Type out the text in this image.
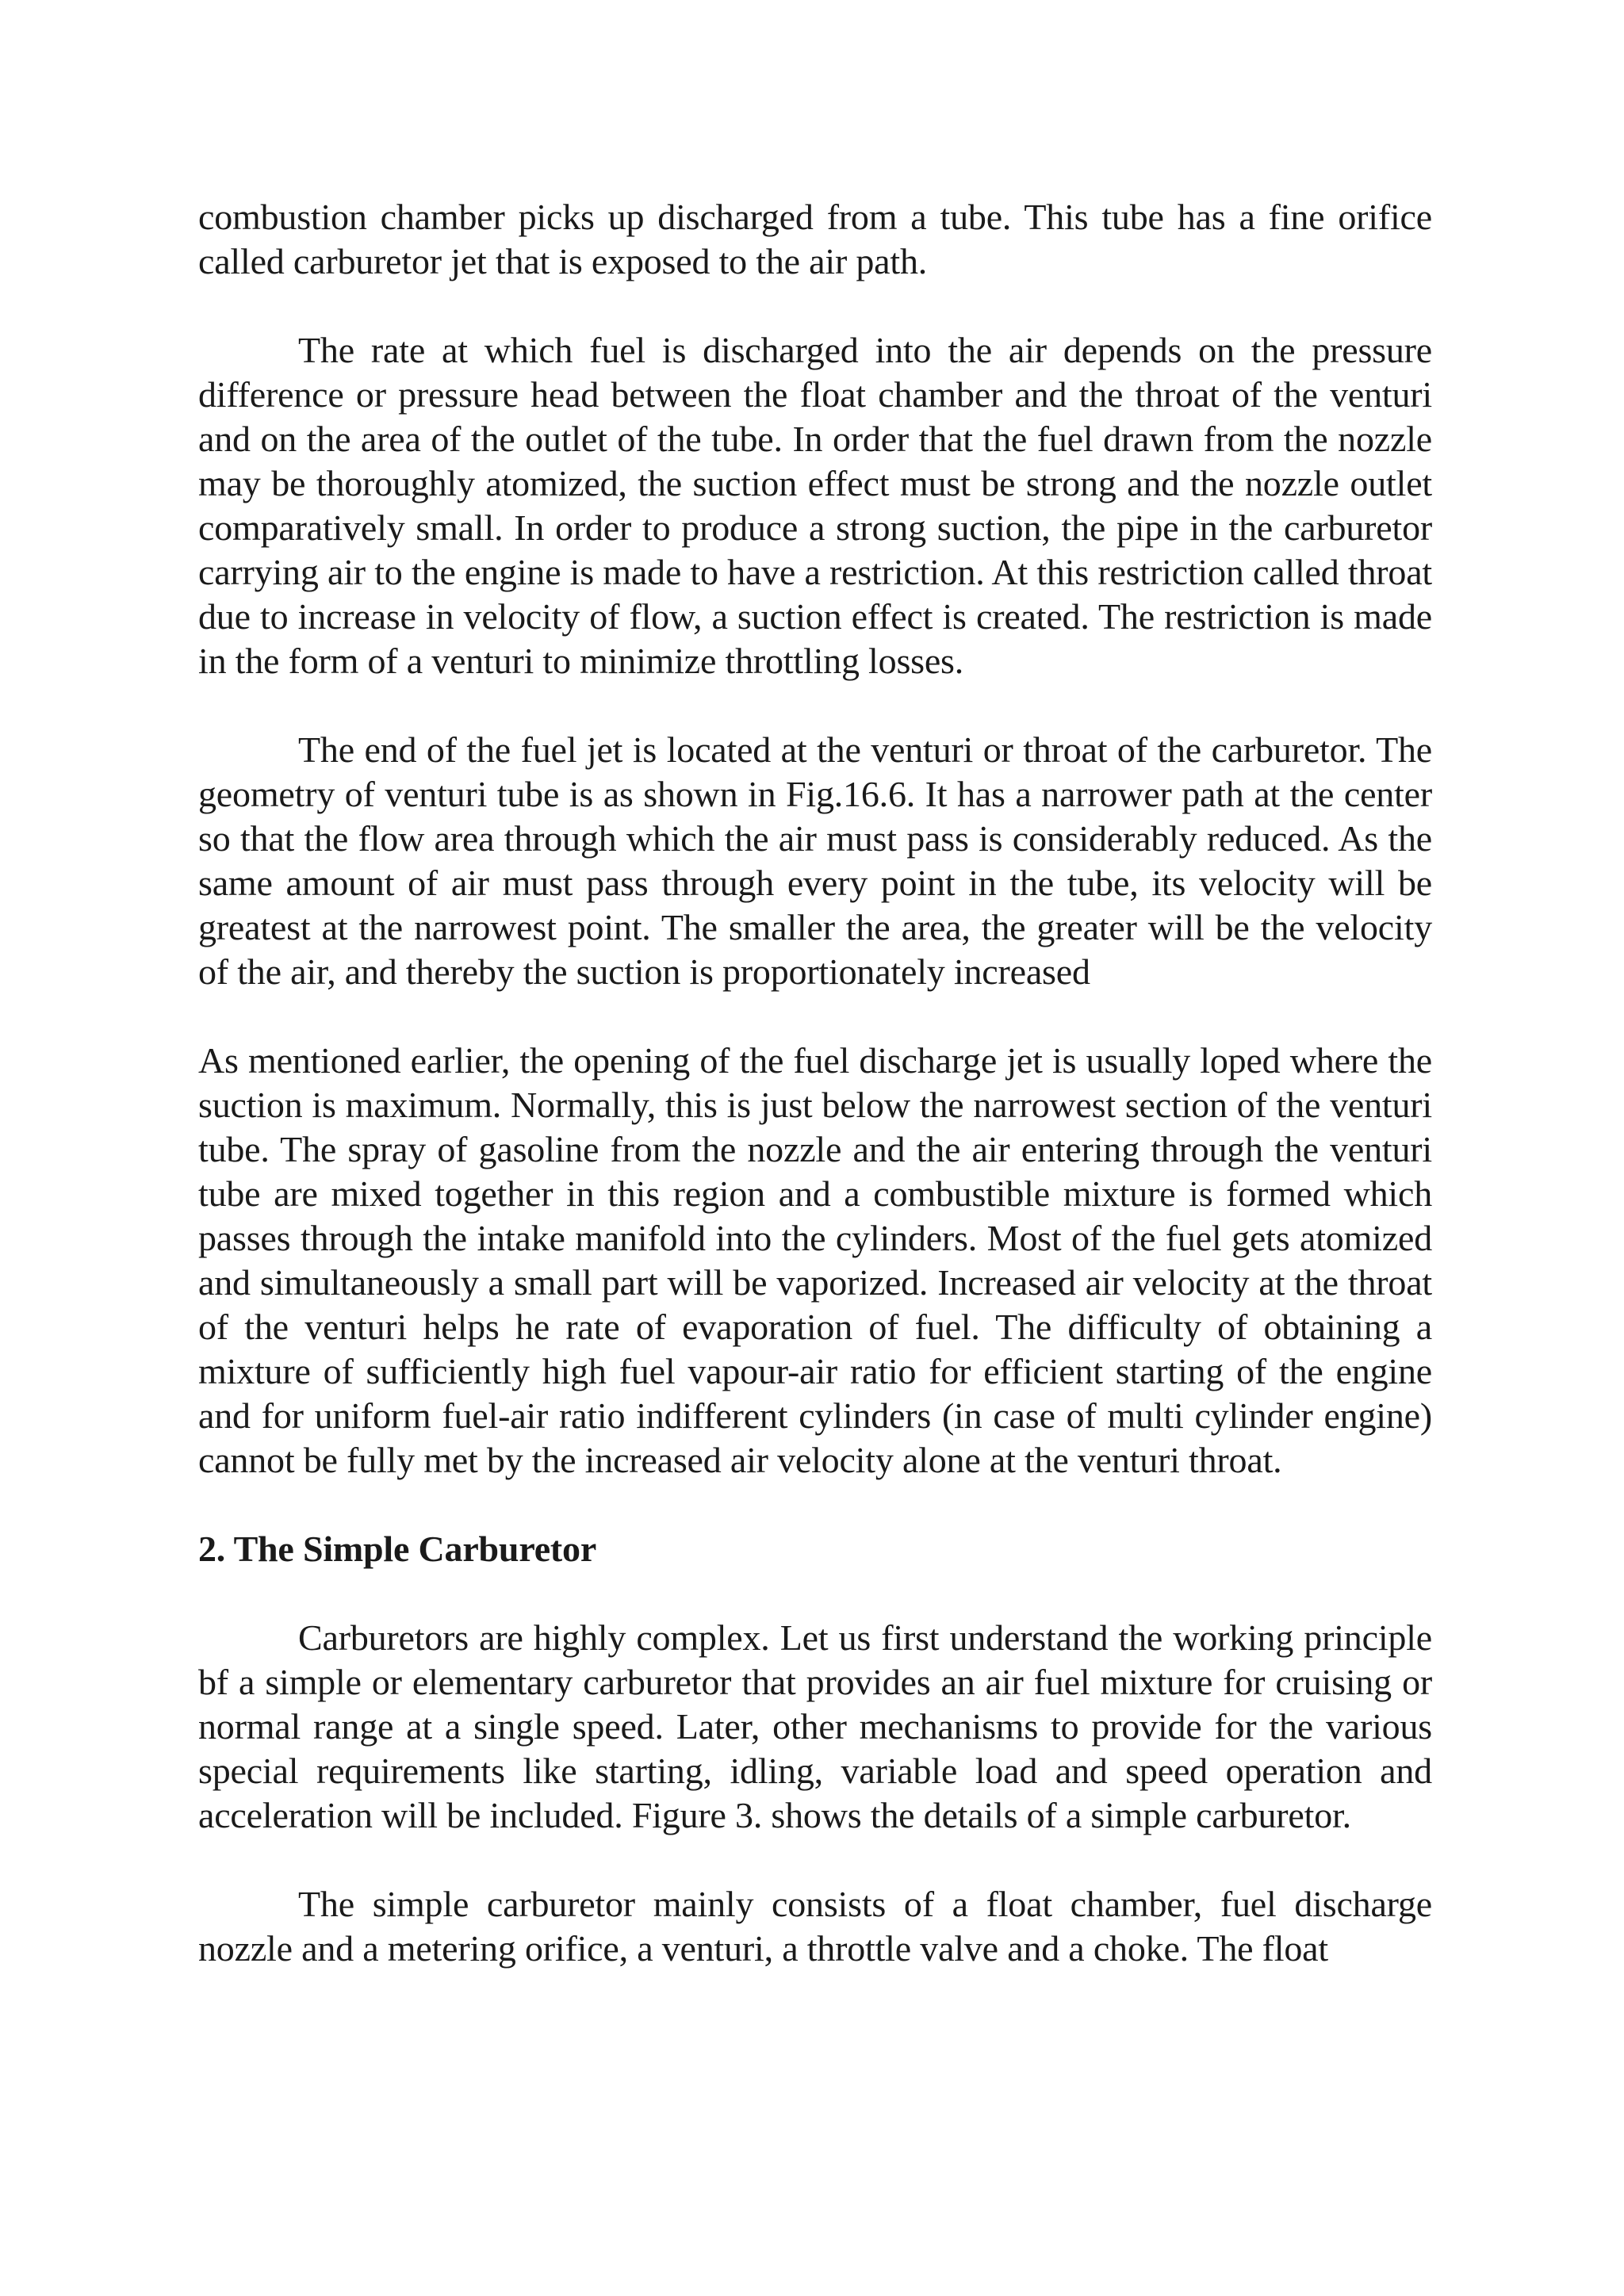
combustion chamber picks up discharged from a tube. This tube has a fine orifice called carburetor jet that is exposed to the air path.

The rate at which fuel is discharged into the air depends on the pressure difference or pressure head between the float chamber and the throat of the venturi and on the area of the outlet of the tube. In order that the fuel drawn from the nozzle may be thoroughly atomized, the suction effect must be strong and the nozzle outlet comparatively small. In order to produce a strong suction, the pipe in the carburetor carrying air to the engine is made to have a restriction. At this restriction called throat due to increase in velocity of flow, a suction effect is created. The restriction is made in the form of a venturi to minimize throttling losses.

The end of the fuel jet is located at the venturi or throat of the carburetor. The geometry of venturi tube is as shown in Fig.16.6. It has a narrower path at the center so that the flow area through which the air must pass is considerably reduced. As the same amount of air must pass through every point in the tube, its velocity will be greatest at the narrowest point. The smaller the area, the greater will be the velocity of the air, and thereby the suction is proportionately increased

As mentioned earlier, the opening of the fuel discharge jet is usually loped where the suction is maximum. Normally, this is just below the narrowest section of the venturi tube. The spray of gasoline from the nozzle and the air entering through the venturi tube are mixed together in this region and a combustible mixture is formed which passes through the intake manifold into the cylinders. Most of the fuel gets atomized and simultaneously a small part will be vaporized. Increased air velocity at the throat of the venturi helps he rate of evaporation of fuel. The difficulty of obtaining a mixture of sufficiently high fuel vapour-air ratio for efficient starting of the engine and for uniform fuel-air ratio indifferent cylinders (in case of multi cylinder engine) cannot be fully met by the increased air velocity alone at the venturi throat.

2. The Simple Carburetor

Carburetors are highly complex. Let us first understand the working principle bf a simple or elementary carburetor that provides an air fuel mixture for cruising or normal range at a single speed. Later, other mechanisms to provide for the various special requirements like starting, idling, variable load and speed operation and acceleration will be included. Figure 3. shows the details of a simple carburetor.

The simple carburetor mainly consists of a float chamber, fuel discharge nozzle and a metering orifice, a venturi, a throttle valve and a choke. The float
